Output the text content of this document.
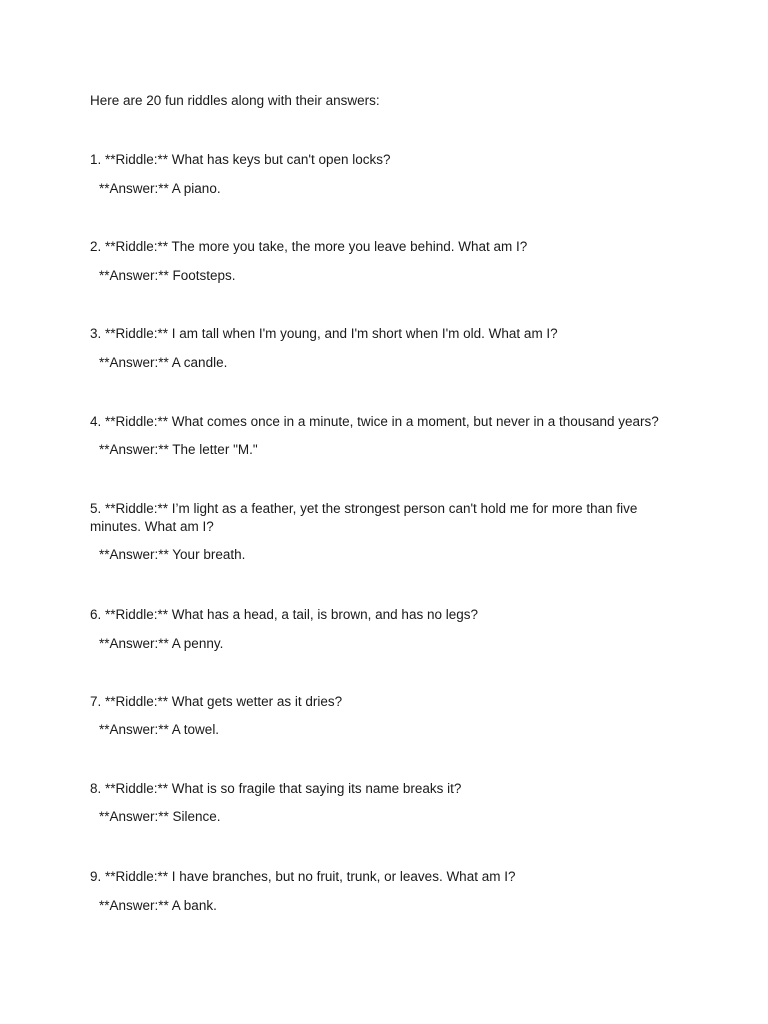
Here are 20 fun riddles along with their answers:
1. **Riddle:** What has keys but can't open locks?
**Answer:** A piano.
2. **Riddle:** The more you take, the more you leave behind. What am I?
**Answer:** Footsteps.
3. **Riddle:** I am tall when I'm young, and I'm short when I'm old. What am I?
**Answer:** A candle.
4. **Riddle:** What comes once in a minute, twice in a moment, but never in a thousand years?
**Answer:** The letter "M."
5. **Riddle:** I’m light as a feather, yet the strongest person can't hold me for more than five minutes. What am I?
**Answer:** Your breath.
6. **Riddle:** What has a head, a tail, is brown, and has no legs?
**Answer:** A penny.
7. **Riddle:** What gets wetter as it dries?
**Answer:** A towel.
8. **Riddle:** What is so fragile that saying its name breaks it?
**Answer:** Silence.
9. **Riddle:** I have branches, but no fruit, trunk, or leaves. What am I?
**Answer:** A bank.
